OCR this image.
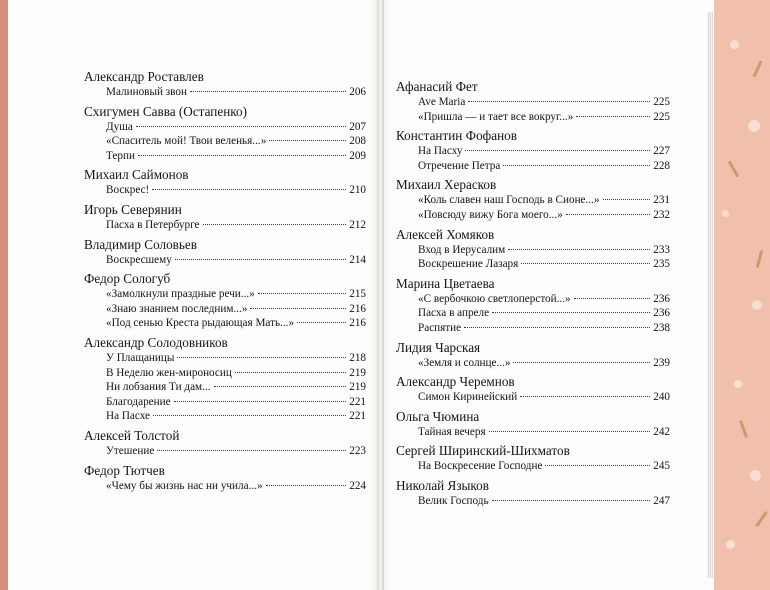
Александр Роставлев
Малиновый звон	206
Схигумен Савва (Остапенко)
Душа	207
«Спаситель мой! Твои веленья...»	208
Терпи	209
Михаил Саймонов
Воскрес!	210
Игорь Северянин
Пасха в Петербурге	212
Владимир Соловьев
Воскресшему	214
Федор Сологуб
«Замолкнули праздные речи...»	215
«Знаю знанием последним...»	216
«Под сенью Креста рыдающая Мать...»	216
Александр Солодовников
У Плащаницы	218
В Неделю жен-мироносиц	219
Ни лобзания Ти дам...	219
Благодарение	221
На Пасхе	221
Алексей Толстой
Утешение	223
Федор Тютчев
«Чему бы жизнь нас ни учила...»	224
Афанасий Фет
Ave Maria	225
«Пришла — и тает все вокруг...»	225
Константин Фофанов
На Пасху	227
Отречение Петра	228
Михаил Херасков
«Коль славен наш Господь в Сионе...»	231
«Повсюду вижу Бога моего...»	232
Алексей Хомяков
Вход в Иерусалим	233
Воскрешение Лазаря	235
Марина Цветаева
«С вербочкою светлоперстой...»	236
Пасха в апреле	236
Распятие	238
Лидия Чарская
«Земля и солнце...»	239
Александр Черемнов
Симон Киринейский	240
Ольга Чюмина
Тайная вечеря	242
Сергей Ширинский-Шихматов
На Воскресение Господне	245
Николай Языков
Велик Господь	247
